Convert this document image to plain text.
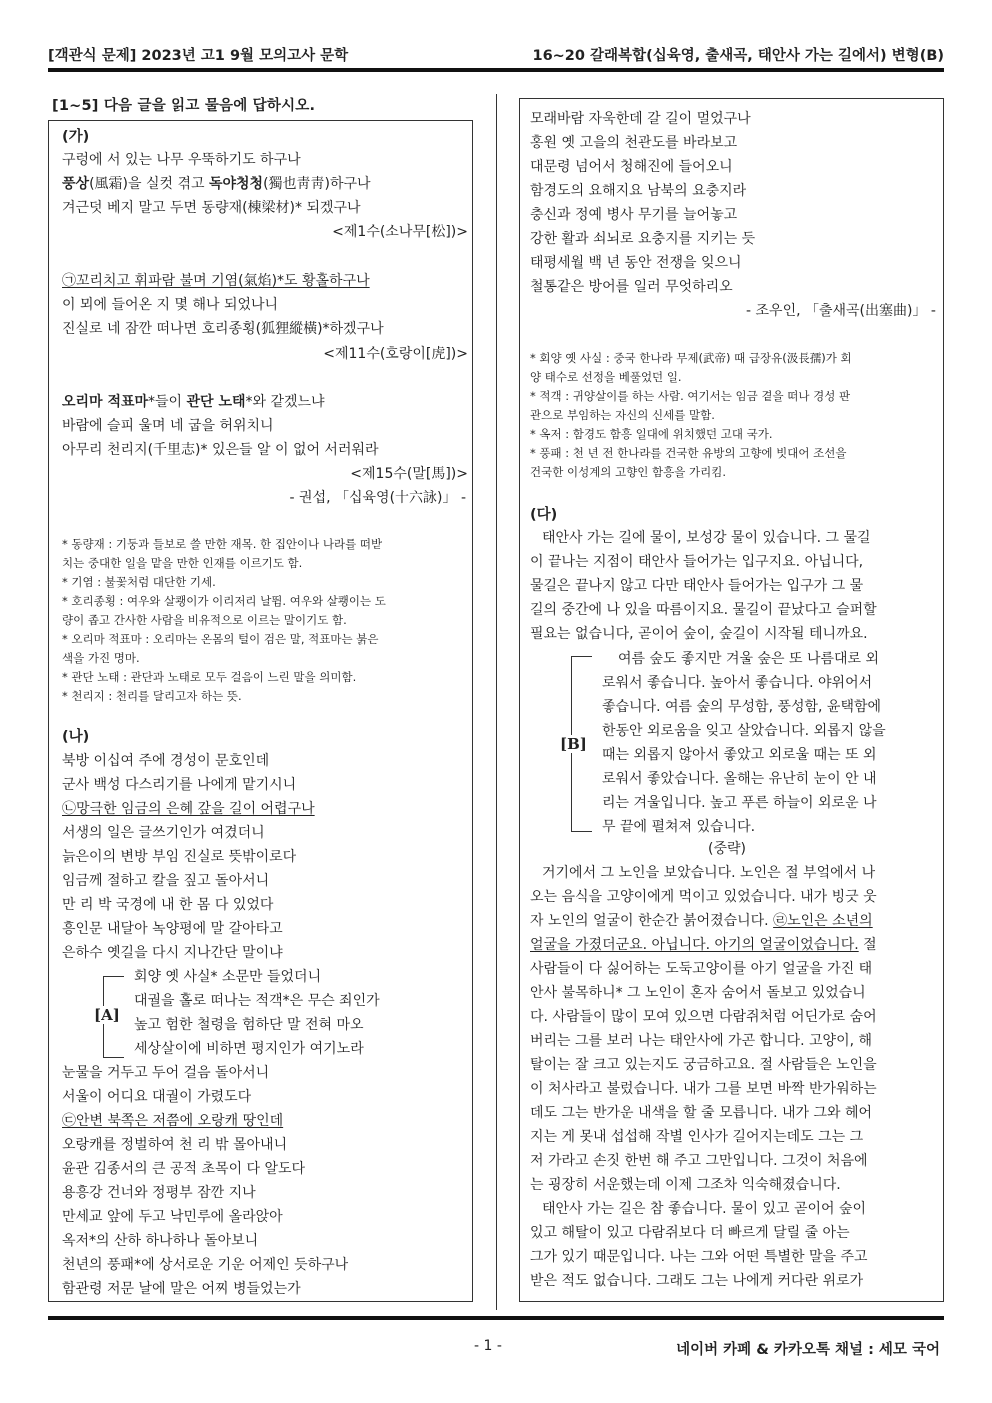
[객관식 문제] 2023년 고1 9월 모의고사 문학	16~20 갈래복합(십육영, 출새곡, 태안사 가는 길에서) 변형(B)
[1~5] 다음 글을 읽고 물음에 답하시오.
(가)
구렁에 서 있는 나무 우뚝하기도 하구나
풍상(風霜)을 실컷 겪고 독야청청(獨也靑靑)하구나
겨근덧 베지 말고 두면 동량재(棟梁材)* 되겠구나
<제1수(소나무[松])>
㉠꼬리치고 휘파람 불며 기염(氣焰)*도 황홀하구나
이 뫼에 들어온 지 몇 해나 되었나니
진실로 네 잠깐 떠나면 호리종횡(狐狸縱橫)*하겠구나
<제11수(호랑이[虎])>
오리마 적표마*들이 관단 노태*와 같겠느냐
바람에 슬피 울며 네 굽을 허위치니
아무리 천리지(千里志)* 있은들 알 이 없어 서러워라
<제15수(말[馬])>
- 권섭, 「십육영(十六詠)」 -
* 동량재 : 기둥과 들보로 쓸 만한 재목. 한 집안이나 나라를 떠받
치는 중대한 일을 맡을 만한 인재를 이르기도 함.
* 기염 : 불꽃처럼 대단한 기세.
* 호리종횡 : 여우와 살쾡이가 이리저리 날뜀. 여우와 살쾡이는 도
량이 좁고 간사한 사람을 비유적으로 이르는 말이기도 함.
* 오리마 적표마 : 오리마는 온몸의 털이 검은 말, 적표마는 붉은
색을 가진 명마.
* 관단 노태 : 관단과 노태로 모두 걸음이 느린 말을 의미함.
* 천리지 : 천리를 달리고자 하는 뜻.
(나)
북방 이십여 주에 경성이 문호인데
군사 백성 다스리기를 나에게 맡기시니
㉡망극한 임금의 은혜 갚을 길이 어렵구나
서생의 일은 글쓰기인가 여겼더니
늙은이의 변방 부임 진실로 뜻밖이로다
임금께 절하고 칼을 짚고 돌아서니
만 리 박 국경에 내 한 몸 다 있었다
흥인문 내달아 녹양평에 말 갈아타고
은하수 옛길을 다시 지나간단 말이냐
[A]
회양 옛 사실* 소문만 들었더니
대궐을 홀로 떠나는 적객*은 무슨 죄인가
높고 험한 철령을 험하단 말 전혀 마오
세상살이에 비하면 평지인가 여기노라
눈물을 거두고 두어 걸음 돌아서니
서울이 어디요 대궐이 가렸도다
㉢안변 북쪽은 저쯤에 오랑캐 땅인데
오랑캐를 정벌하여 천 리 밖 몰아내니
윤관 김종서의 큰 공적 초목이 다 알도다
용흥강 건너와 정평부 잠깐 지나
만세교 앞에 두고 낙민루에 올라앉아
옥저*의 산하 하나하나 돌아보니
천년의 풍패*에 상서로운 기운 어제인 듯하구나
함관령 저문 날에 말은 어찌 병들었는가
모래바람 자욱한데 갈 길이 멀었구나
홍원 옛 고을의 천관도를 바라보고
대문령 넘어서 청해진에 들어오니
함경도의 요해지요 남북의 요충지라
충신과 정예 병사 무기를 늘어놓고
강한 활과 쇠뇌로 요충지를 지키는 듯
태평세월 백 년 동안 전쟁을 잊으니
철통같은 방어를 일러 무엇하리오
- 조우인, 「출새곡(出塞曲)」 -
* 회양 옛 사실 : 중국 한나라 무제(武帝) 때 급장유(汲長孺)가 회
양 태수로 선정을 베풀었던 일.
* 적객 : 귀양살이를 하는 사람. 여기서는 임금 곁을 떠나 경성 판
관으로 부임하는 자신의 신세를 말함.
* 옥저 : 함경도 함흥 일대에 위치했던 고대 국가.
* 풍패 : 천 년 전 한나라를 건국한 유방의 고향에 빗대어 조선을
건국한 이성계의 고향인 함흥을 가리킴.
(다)
태안사 가는 길에 물이, 보성강 물이 있습니다. 그 물길
이 끝나는 지점이 태안사 들어가는 입구지요. 아닙니다,
물길은 끝나지 않고 다만 태안사 들어가는 입구가 그 물
길의 중간에 나 있을 따름이지요. 물길이 끝났다고 슬퍼할
필요는 없습니다, 곧이어 숲이, 숲길이 시작될 테니까요.
[B]
여름 숲도 좋지만 겨울 숲은 또 나름대로 외
로워서 좋습니다. 높아서 좋습니다. 야위어서
좋습니다. 여름 숲의 무성함, 풍성함, 윤택함에
한동안 외로움을 잊고 살았습니다. 외롭지 않을
때는 외롭지 않아서 좋았고 외로울 때는 또 외
로워서 좋았습니다. 올해는 유난히 눈이 안 내
리는 겨울입니다. 높고 푸른 하늘이 외로운 나
무 끝에 펼쳐져 있습니다.
(중략)
거기에서 그 노인을 보았습니다. 노인은 절 부엌에서 나
오는 음식을 고양이에게 먹이고 있었습니다. 내가 빙긋 웃
자 노인의 얼굴이 한순간 붉어졌습니다. ㉣노인은 소년의
얼굴을 가졌더군요. 아닙니다. 아기의 얼굴이었습니다. 절
사람들이 다 싫어하는 도둑고양이를 아기 얼굴을 가진 태
안사 불목하니* 그 노인이 혼자 숨어서 돌보고 있었습니
다. 사람들이 많이 모여 있으면 다람쥐처럼 어딘가로 숨어
버리는 그를 보러 나는 태안사에 가곤 합니다. 고양이, 해
탈이는 잘 크고 있는지도 궁금하고요. 절 사람들은 노인을
이 처사라고 불렀습니다. 내가 그를 보면 바짝 반가워하는
데도 그는 반가운 내색을 할 줄 모릅니다. 내가 그와 헤어
지는 게 못내 섭섭해 작별 인사가 길어지는데도 그는 그
저 가라고 손짓 한번 해 주고 그만입니다. 그것이 처음에
는 굉장히 서운했는데 이제 그조차 익숙해졌습니다.
태안사 가는 길은 참 좋습니다. 물이 있고 곧이어 숲이
있고 해탈이 있고 다람쥐보다 더 빠르게 달릴 줄 아는
그가 있기 때문입니다. 나는 그와 어떤 특별한 말을 주고
받은 적도 없습니다. 그래도 그는 나에게 커다란 위로가
- 1 -	네이버 카페 & 카카오톡 채널 : 세모 국어
